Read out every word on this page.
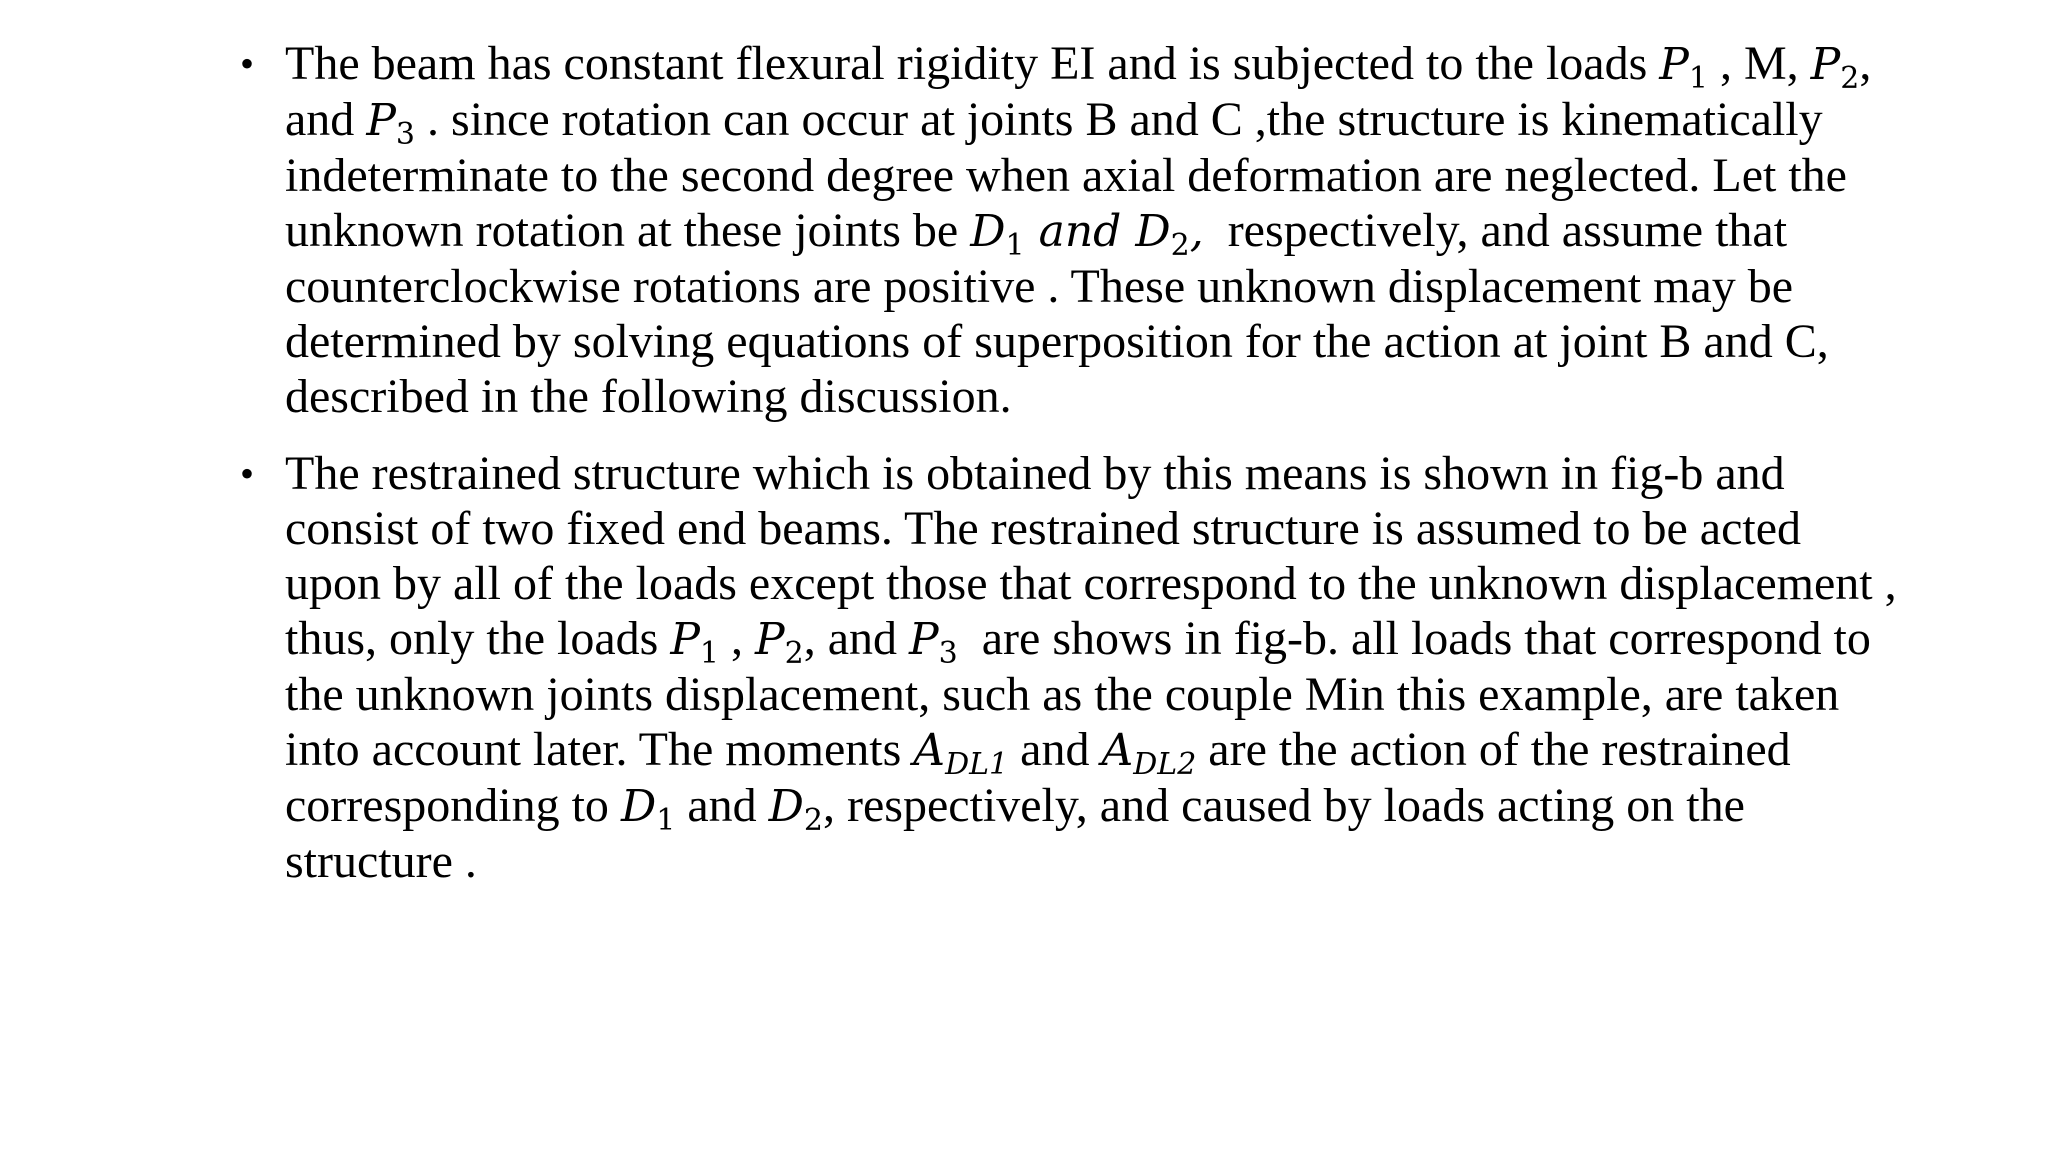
• The beam has constant flexural rigidity EI and is subjected to the loads $P_1$ , M, $P_2$,
and $P_3$ . since rotation can occur at joints B and C ,the structure is kinematically
indeterminate to the second degree when axial deformation are neglected. Let the
unknown rotation at these joints be $D_1$ and $D_2$,  respectively, and assume that
counterclockwise rotations are positive . These unknown displacement may be
determined by solving equations of superposition for the action at joint B and C,
described in the following discussion.
• The restrained structure which is obtained by this means is shown in fig-b and
consist of two fixed end beams. The restrained structure is assumed to be acted
upon by all of the loads except those that correspond to the unknown displacement ,
thus, only the loads $P_1$ , $P_2$, and $P_3$  are shows in fig-b. all loads that correspond to
the unknown joints displacement, such as the couple Min this example, are taken
into account later. The moments $A_{DL1}$ and $A_{DL2}$ are the action of the restrained
corresponding to $D_1$ and $D_2$, respectively, and caused by loads acting on the
structure .
